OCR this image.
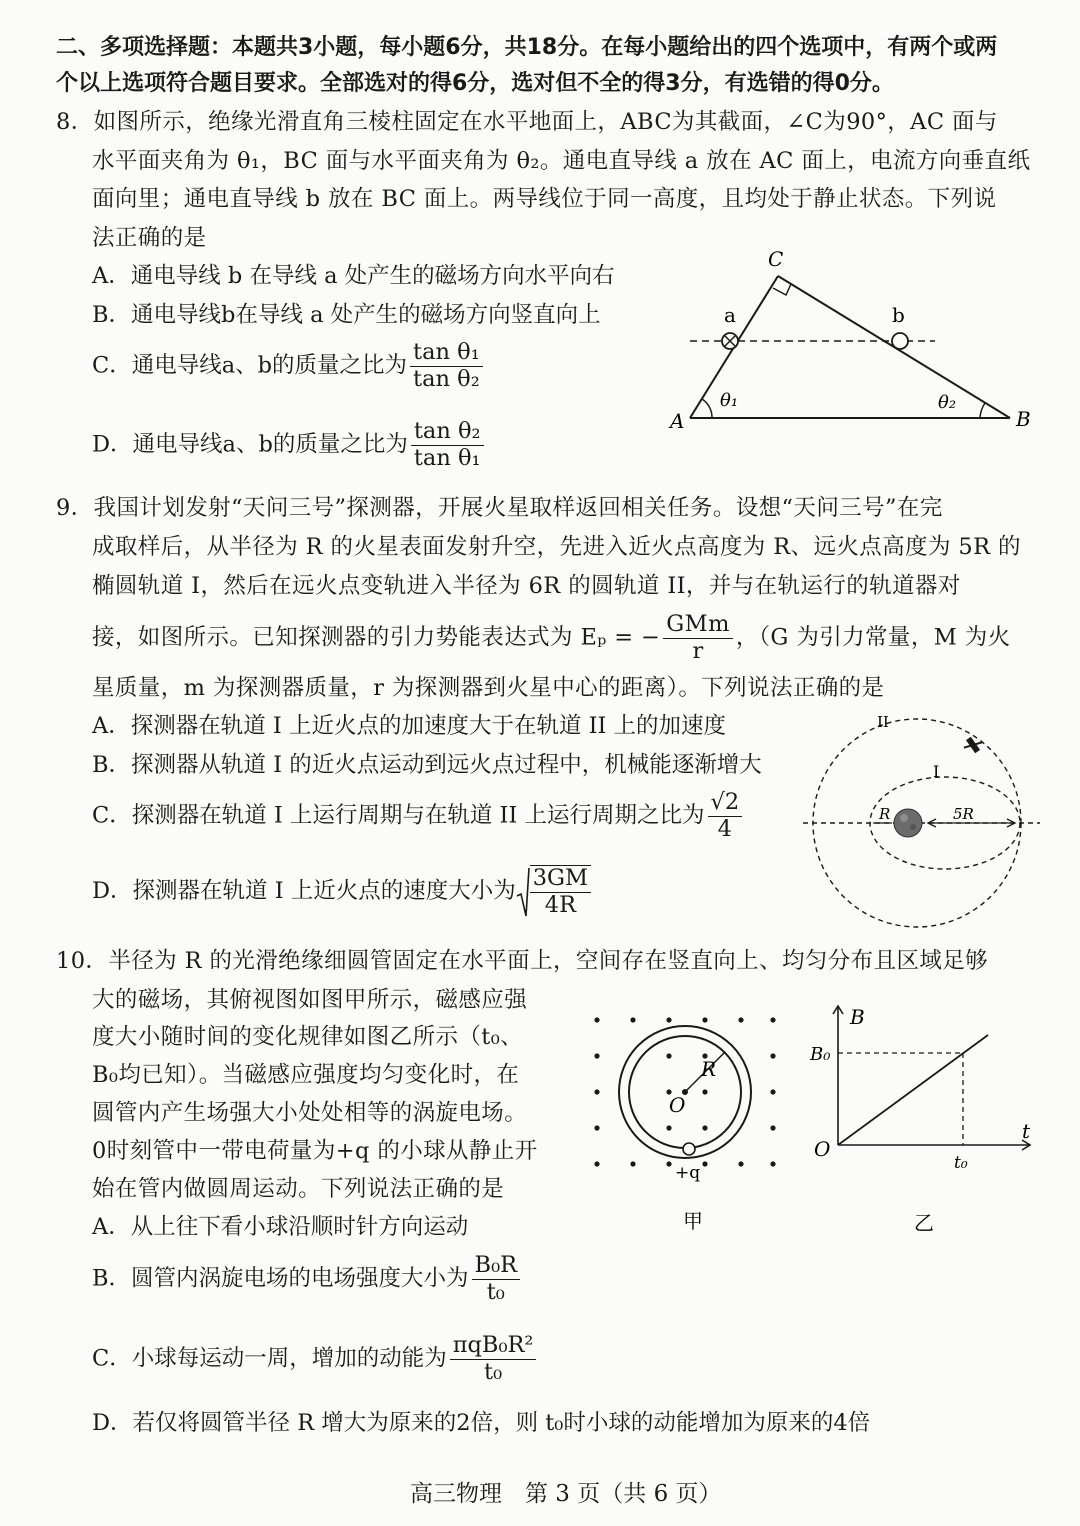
二、多项选择题：本题共3小题，每小题6分，共18分。在每小题给出的四个选项中，有两个或两
个以上选项符合题目要求。全部选对的得6分，选对但不全的得3分，有选错的得0分。
8．如图所示，绝缘光滑直角三棱柱固定在水平地面上，ABC为其截面，∠C为90°，AC 面与
水平面夹角为 θ₁，BC 面与水平面夹角为 θ₂。通电直导线 a 放在 AC 面上，电流方向垂直纸
面向里；通电直导线 b 放在 BC 面上。两导线位于同一高度，且均处于静止状态。下列说
法正确的是
A．通电导线 b 在导线 a 处产生的磁场方向水平向右
B．通电导线b在导线 a 处产生的磁场方向竖直向上
C．通电导线a、b的质量之比为 $\frac{\text{tan θ₁}}{\text{tan θ₂}}$
D．通电导线a、b的质量之比为 $\frac{\text{tan θ₂}}{\text{tan θ₁}}$	A	B
C
a	b
θ₁	θ₂
9．我国计划发射“天问三号”探测器，开展火星取样返回相关任务。设想“天问三号”在完
成取样后，从半径为 R 的火星表面发射升空，先进入近火点高度为 R、远火点高度为 5R 的
椭圆轨道 I，然后在远火点变轨进入半径为 6R 的圆轨道 II，并与在轨运行的轨道器对
接，如图所示。已知探测器的引力势能表达式为 Eₚ = − $\frac{\text{GMm}}{r}$ ，（G 为引力常量，M 为火
星质量，m 为探测器质量，r 为探测器到火星中心的距离）。下列说法正确的是
A．探测器在轨道 I 上近火点的加速度大于在轨道 II 上的加速度
B．探测器从轨道 I 的近火点运动到远火点过程中，机械能逐渐增大
C．探测器在轨道 I 上运行周期与在轨道 II 上运行周期之比为 $\frac{√2}{4}$
D．探测器在轨道 I 上近火点的速度大小为 $\frac{3GM}{4R}$
II
I
R	5R
10．半径为 R 的光滑绝缘细圆管固定在水平面上，空间存在竖直向上、均匀分布且区域足够
大的磁场，其俯视图如图甲所示，磁感应强
度大小随时间的变化规律如图乙所示（t₀、
B₀均已知）。当磁感应强度均匀变化时，在
圆管内产生场强大小处处相等的涡旋电场。
0时刻管中一带电荷量为+q 的小球从静止开
始在管内做圆周运动。下列说法正确的是
A．从上往下看小球沿顺时针方向运动
B．圆管内涡旋电场的电场强度大小为 $\frac{\text{B₀R}}{\text{t₀}}$
C．小球每运动一周，增加的动能为 $\frac{\text{πqB₀R²}}{\text{t₀}}$
D．若仅将圆管半径 R 增大为原来的2倍，则 t₀时小球的动能增加为原来的4倍
R
O
+q
甲
B
B₀
O
t
t₀
乙
高三物理　第 3 页（共 6 页）
